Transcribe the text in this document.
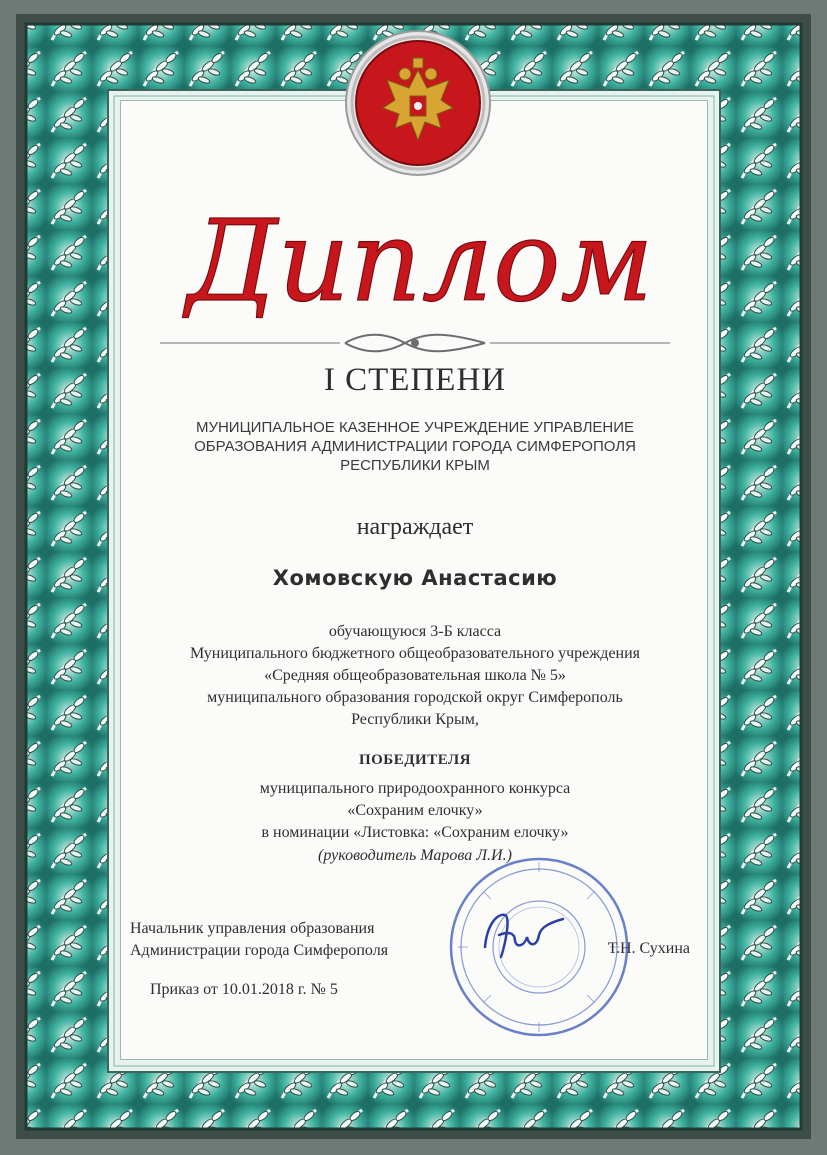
Диплом
I СТЕПЕНИ
МУНИЦИПАЛЬНОЕ КАЗЕННОЕ УЧРЕЖДЕНИЕ УПРАВЛЕНИЕ
ОБРАЗОВАНИЯ АДМИНИСТРАЦИИ ГОРОДА СИМФЕРОПОЛЯ
РЕСПУБЛИКИ КРЫМ
награждает
Хомовскую Анастасию
обучающуюся 3-Б класса
Муниципального бюджетного общеобразовательного учреждения
«Средняя общеобразовательная школа № 5»
муниципального образования городской округ Симферополь
Республики Крым,
ПОБЕДИТЕЛЯ
муниципального природоохранного конкурса
«Сохраним елочку»
в номинации «Листовка: «Сохраним елочку»
(руководитель Марова Л.И.)
Начальник управления образования
Администрации города Симферополя	Т.Н. Сухина
Приказ от 10.01.2018 г. № 5
